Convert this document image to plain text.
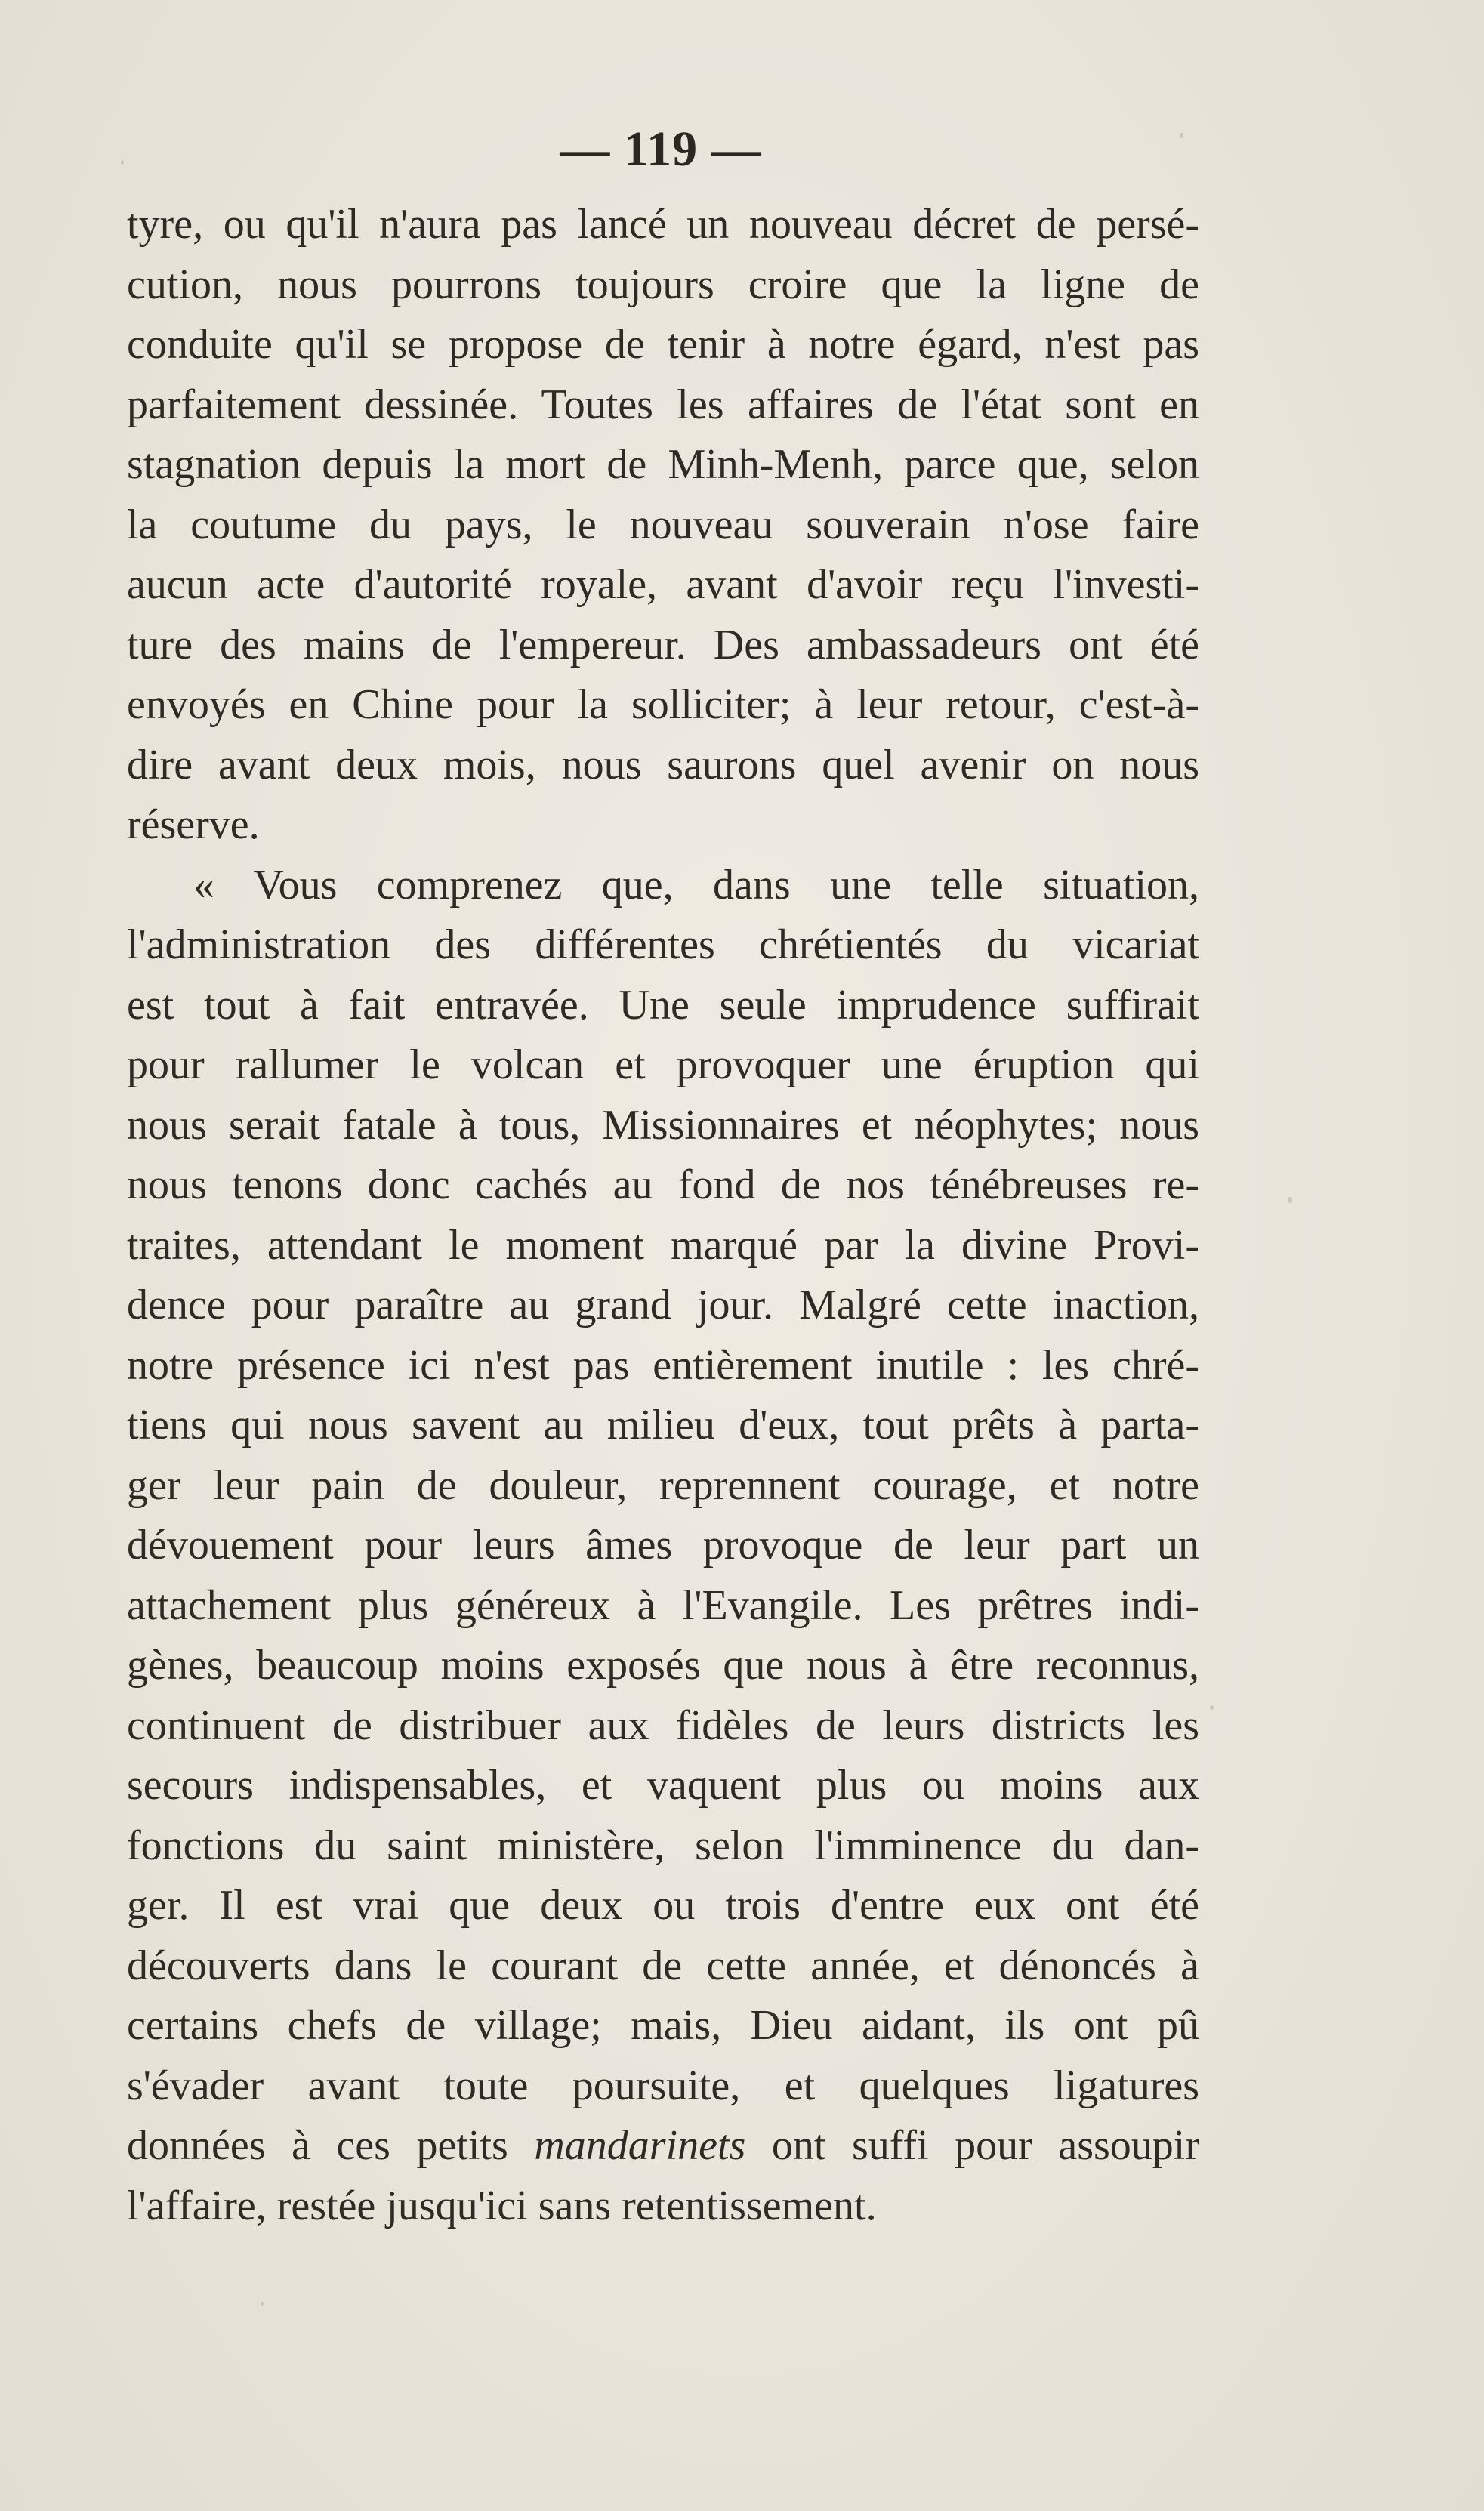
— 119 —
tyre, ou qu'il n'aura pas lancé un nouveau décret de persé-
cution, nous pourrons toujours croire que la ligne de
conduite qu'il se propose de tenir à notre égard, n'est pas
parfaitement dessinée. Toutes les affaires de l'état sont en
stagnation depuis la mort de Minh-Menh, parce que, selon
la coutume du pays, le nouveau souverain n'ose faire
aucun acte d'autorité royale, avant d'avoir reçu l'investi-
ture des mains de l'empereur. Des ambassadeurs ont été
envoyés en Chine pour la solliciter; à leur retour, c'est-à-
dire avant deux mois, nous saurons quel avenir on nous
réserve.
« Vous comprenez que, dans une telle situation,
l'administration des différentes chrétientés du vicariat
est tout à fait entravée. Une seule imprudence suffirait
pour rallumer le volcan et provoquer une éruption qui
nous serait fatale à tous, Missionnaires et néophytes; nous
nous tenons donc cachés au fond de nos ténébreuses re-
traites, attendant le moment marqué par la divine Provi-
dence pour paraître au grand jour. Malgré cette inaction,
notre présence ici n'est pas entièrement inutile : les chré-
tiens qui nous savent au milieu d'eux, tout prêts à parta-
ger leur pain de douleur, reprennent courage, et notre
dévouement pour leurs âmes provoque de leur part un
attachement plus généreux à l'Evangile. Les prêtres indi-
gènes, beaucoup moins exposés que nous à être reconnus,
continuent de distribuer aux fidèles de leurs districts les
secours indispensables, et vaquent plus ou moins aux
fonctions du saint ministère, selon l'imminence du dan-
ger. Il est vrai que deux ou trois d'entre eux ont été
découverts dans le courant de cette année, et dénoncés à
certains chefs de village; mais, Dieu aidant, ils ont pû
s'évader avant toute poursuite, et quelques ligatures
données à ces petits mandarinets ont suffi pour assoupir
l'affaire, restée jusqu'ici sans retentissement.
